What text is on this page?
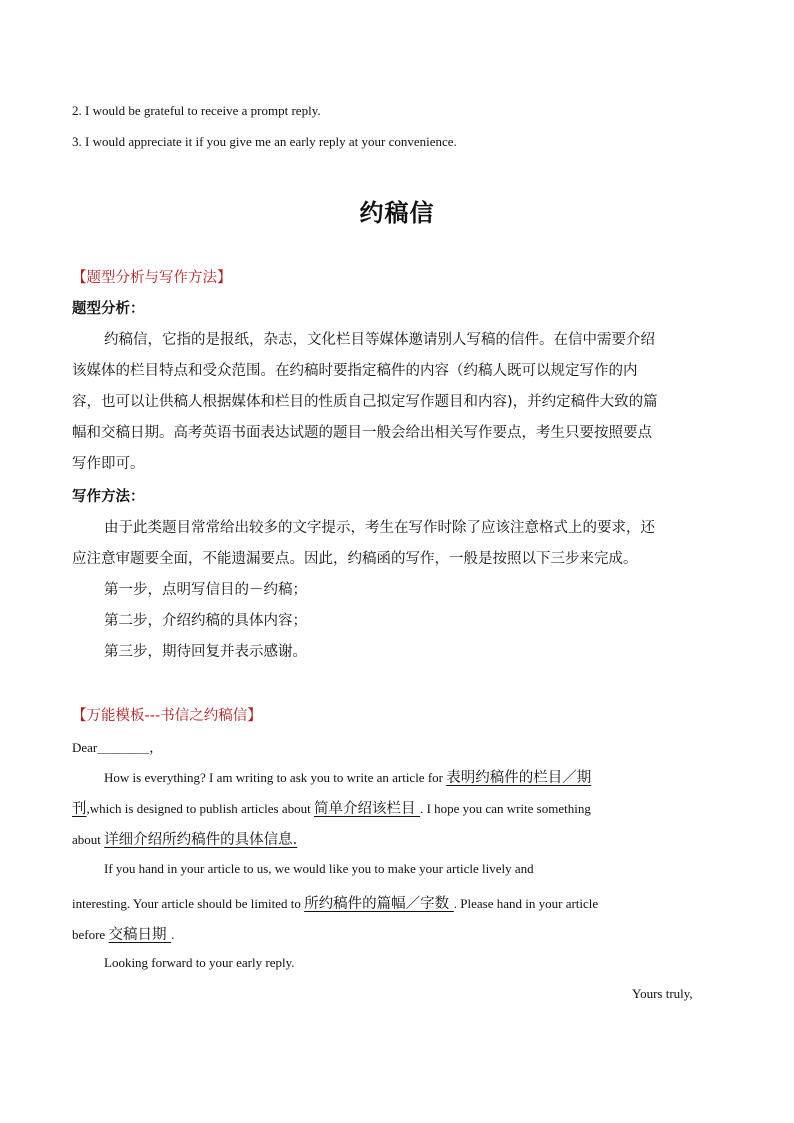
2. I would be grateful to receive a prompt reply.
3. I would appreciate it if you give me an early reply at your convenience.
约稿信
【题型分析与写作方法】
题型分析：
约稿信，它指的是报纸，杂志，文化栏目等媒体邀请别人写稿的信件。在信中需要介绍
该媒体的栏目特点和受众范围。在约稿时要指定稿件的内容（约稿人既可以规定写作的内
容，也可以让供稿人根据媒体和栏目的性质自己拟定写作题目和内容)，并约定稿件大致的篇
幅和交稿日期。高考英语书面表达试题的题目一般会给出相关写作要点，考生只要按照要点
写作即可。
写作方法：
由于此类题目常常给出较多的文字提示，考生在写作时除了应该注意格式上的要求，还
应注意审题要全面，不能遗漏要点。因此，约稿函的写作，一般是按照以下三步来完成。
第一步，点明写信目的－约稿；
第二步，介绍约稿的具体内容；
第三步，期待回复并表示感谢。
【万能模板---书信之约稿信】
Dear＿＿＿＿，
How is everything? I am writing to ask you to write an article for 表明约稿件的栏目／期
刊,which is designed to publish articles about 简单介绍该栏目 . I hope you can write something
about 详细介绍所约稿件的具体信息.
If you hand in your article to us, we would like you to make your article lively and
interesting. Your article should be limited to 所约稿件的篇幅／字数 . Please hand in your article
before 交稿日期 .
Looking forward to your early reply.
Yours truly,
